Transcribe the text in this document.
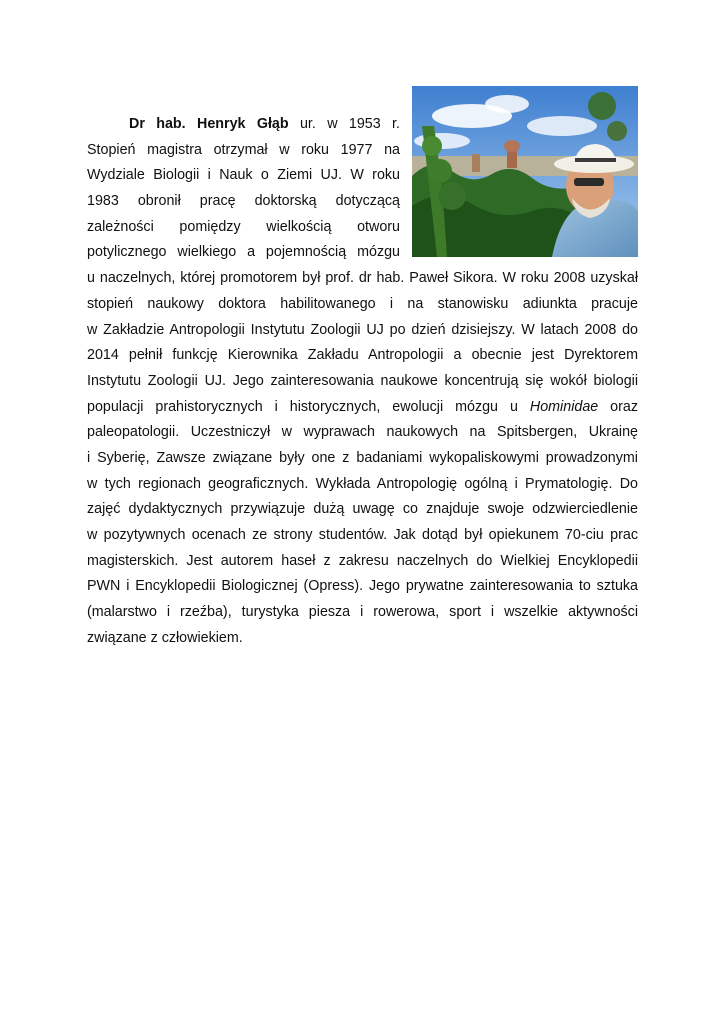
Dr hab. Henryk Głąb ur. w 1953 r.
Stopień magistra otrzymał w roku 1977 na
Wydziale Biologii i Nauk o Ziemi UJ. W roku
1983 obronił pracę doktorską dotyczącą
zależności pomiędzy wielkością otworu
potylicznego wielkiego a pojemnością mózgu
u naczelnych, której promotorem był prof. dr hab. Paweł Sikora. W roku 2008 uzyskał
stopień naukowy doktora habilitowanego i na stanowisku adiunkta pracuje
w Zakładzie Antropologii Instytutu Zoologii UJ po dzień dzisiejszy. W latach 2008 do
2014 pełnił funkcję Kierownika Zakładu Antropologii a obecnie jest Dyrektorem
Instytutu Zoologii UJ. Jego zainteresowania naukowe koncentrują się wokół biologii
populacji prahistorycznych i historycznych, ewolucji mózgu u Hominidae oraz
paleopatologii. Uczestniczył w wyprawach naukowych na Spitsbergen, Ukrainę
i Syberię, Zawsze związane były one z badaniami wykopaliskowymi prowadzonymi
w tych regionach geograficznych. Wykłada Antropologię ogólną i Prymatologię. Do
zajęć dydaktycznych przywiązuje dużą uwagę co znajduje swoje odzwierciedlenie
w pozytywnych ocenach ze strony studentów. Jak dotąd był opiekunem 70-ciu prac
magisterskich. Jest autorem haseł z zakresu naczelnych do Wielkiej Encyklopedii
PWN i Encyklopedii Biologicznej (Opress). Jego prywatne zainteresowania to sztuka
(malarstwo i rzeźba), turystyka piesza i rowerowa, sport i wszelkie aktywności
związane z człowiekiem.
